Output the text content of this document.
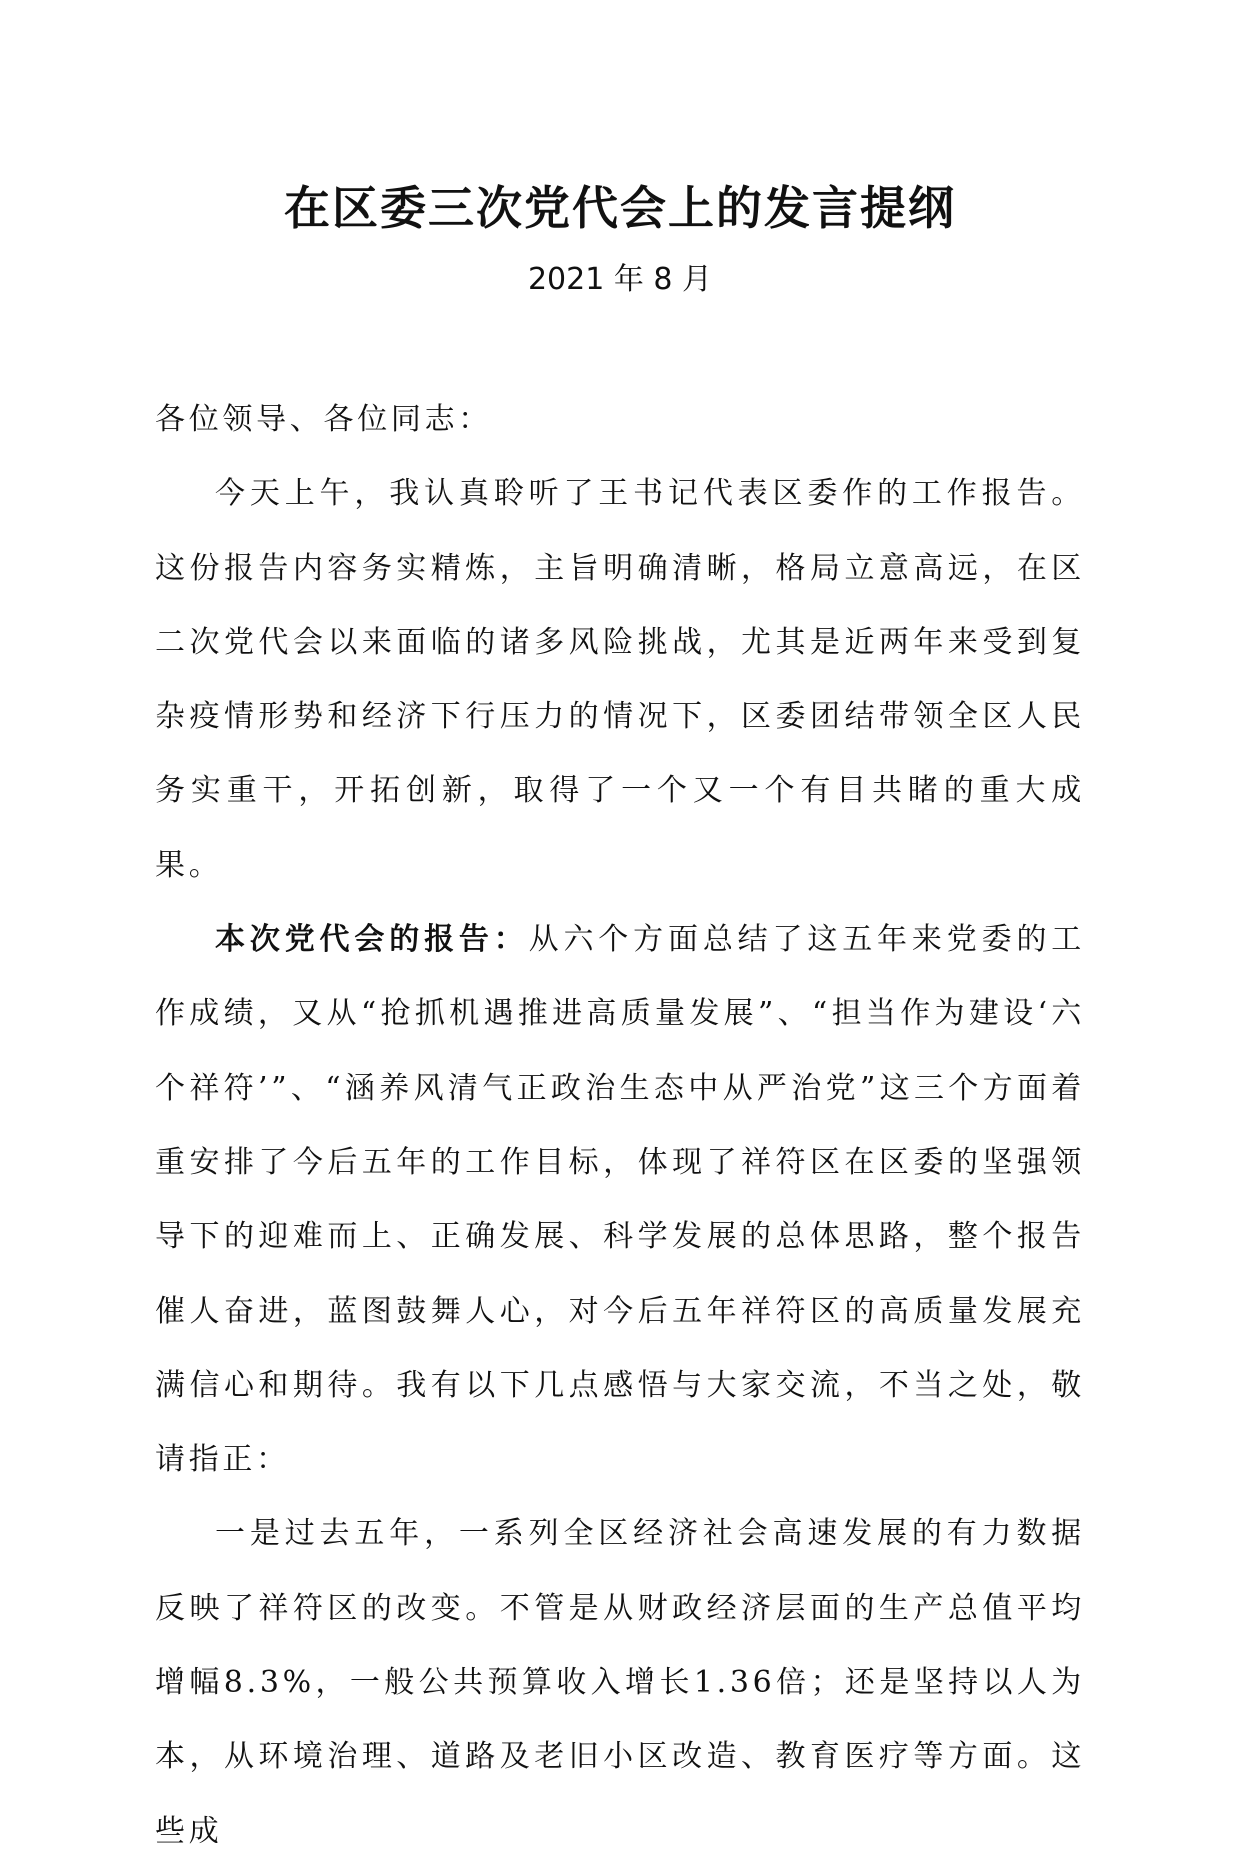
在区委三次党代会上的发言提纲
2021 年 8 月

各位领导、各位同志：

今天上午，我认真聆听了王书记代表区委作的工作报告。这份报告内容务实精炼，主旨明确清晰，格局立意高远，在区二次党代会以来面临的诸多风险挑战，尤其是近两年来受到复杂疫情形势和经济下行压力的情况下，区委团结带领全区人民务实重干，开拓创新，取得了一个又一个有目共睹的重大成果。

本次党代会的报告：从六个方面总结了这五年来党委的工作成绩，又从“抢抓机遇推进高质量发展”、“担当作为建设‘六个祥符’”、“涵养风清气正政治生态中从严治党”这三个方面着重安排了今后五年的工作目标，体现了祥符区在区委的坚强领导下的迎难而上、正确发展、科学发展的总体思路，整个报告催人奋进，蓝图鼓舞人心，对今后五年祥符区的高质量发展充满信心和期待。我有以下几点感悟与大家交流，不当之处，敬请指正：

一是过去五年，一系列全区经济社会高速发展的有力数据反映了祥符区的改变。不管是从财政经济层面的生产总值平均增幅8.3%，一般公共预算收入增长1.36倍；还是坚持以人为本，从环境治理、道路及老旧小区改造、教育医疗等方面。这些成
